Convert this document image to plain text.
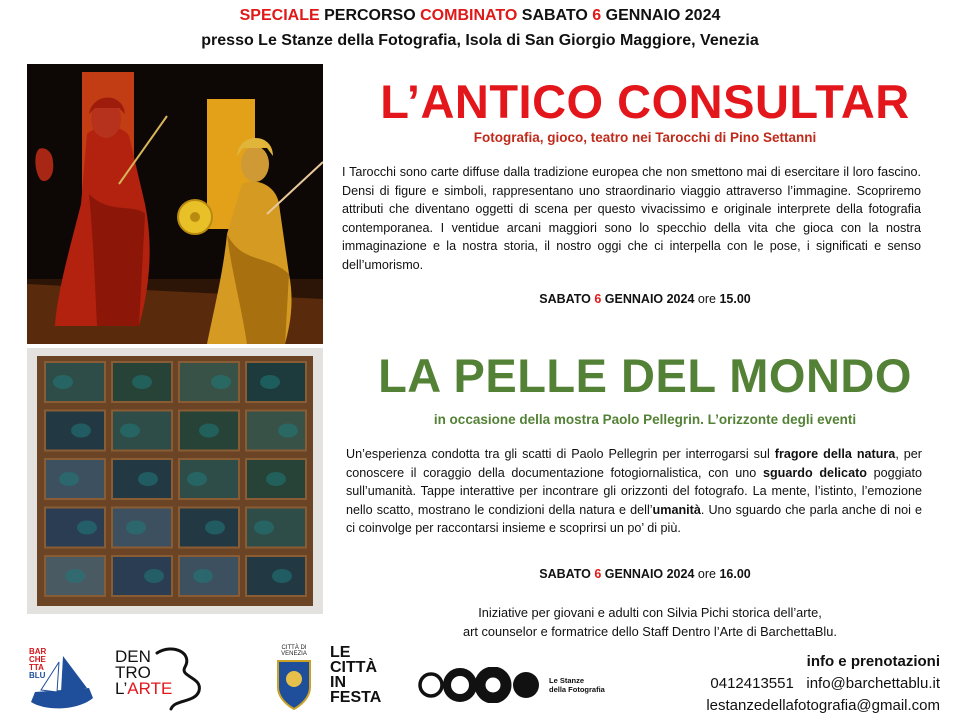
SPECIALE PERCORSO COMBINATO SABATO 6 GENNAIO 2024
presso Le Stanze della Fotografia, Isola di San Giorgio Maggiore, Venezia
L’ANTICO CONSULTAR
Fotografia, gioco, teatro nei Tarocchi di Pino Settanni
I Tarocchi sono carte diffuse dalla tradizione europea che non smettono mai di esercitare il loro fascino. Densi di figure e simboli, rappresentano uno straordinario viaggio attraverso l’immagine. Scopriremo attributi che diventano oggetti di scena per questo vivacissimo e originale interprete della fotografia contemporanea. I ventidue arcani maggiori sono lo specchio della vita che gioca con la nostra immaginazione e la nostra storia, il nostro oggi che ci interpella con le pose, i significati e senso dell’umorismo.
SABATO 6 GENNAIO 2024 ore 15.00
LA PELLE DEL MONDO
in occasione della mostra Paolo Pellegrin. L’orizzonte degli eventi
Un’esperienza condotta tra gli scatti di Paolo Pellegrin per interrogarsi sul fragore della natura, per conoscere il coraggio della documentazione fotogiornalistica, con uno sguardo delicato poggiato sull’umanità. Tappe interattive per incontrare gli orizzonti del fotografo. La mente, l’istinto, l’emozione nello scatto, mostrano le condizioni della natura e dell’umanità. Uno sguardo che parla anche di noi e ci coinvolge per raccontarsi insieme e scoprirsi un po’ di più.
SABATO 6 GENNAIO 2024 ore 16.00
Iniziative per giovani e adulti con Silvia Pichi storica dell’arte,
art counselor e formatrice dello Staff Dentro l’Arte di BarchettaBlu.
BAR
CHE
TTA
BLU
DEN
TRO
L’ARTE
CITTÀ DI
VENEZIA	LE
CITTÀ
IN
FESTA
Le Stanze
della Fotografia
info e prenotazioni
0412413551 info@barchettablu.it
lestanzedellafotografia@gmail.com
